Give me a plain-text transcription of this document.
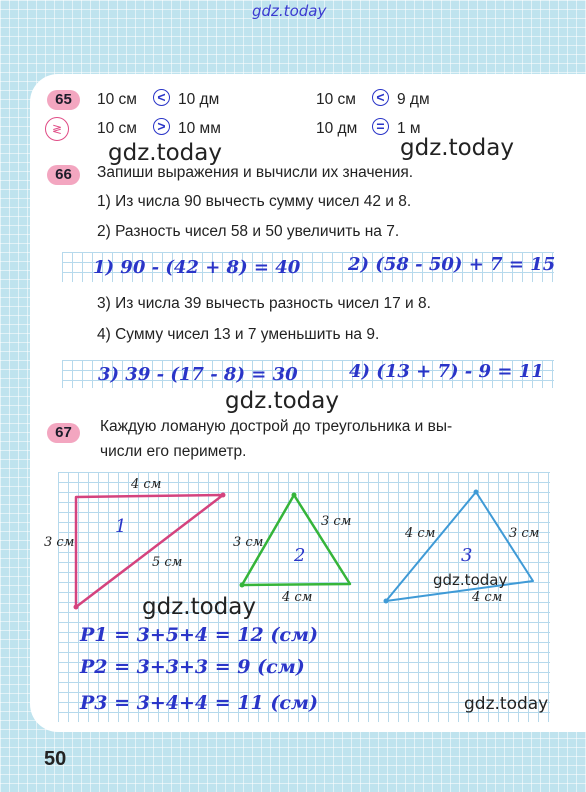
gdz.today
65
≷
10 см	< 10 дм	10 см	< 9 дм
10 см	> 10 мм	10 дм	= 1 м
gdz.today	gdz.today
66	Запиши выражения и вычисли их значения.
1) Из числа 90 вычесть сумму чисел 42 и 8.
2) Разность чисел 58 и 50 увеличить на 7.
1) 90 - (42 + 8) = 40	2) (58 - 50) + 7 = 15
3) Из числа 39 вычесть разность чисел 17 и 8.
4) Сумму чисел 13 и 7 уменьшить на 9.
3) 39 - (17 - 8) = 30	4) (13 + 7) - 9 = 11
gdz.today
67	Каждую ломаную дострой до треугольника и вы-
числи его периметр.
4 см
3 см
5 см
1
3 см
3 см
4 см
2
4 см	3 см
4 см
3
gdz.today
gdz.today
P1 = 3+5+4 = 12 (см)
P2 = 3+3+3 = 9 (см)
P3 = 3+4+4 = 11 (см)	gdz.today
50
